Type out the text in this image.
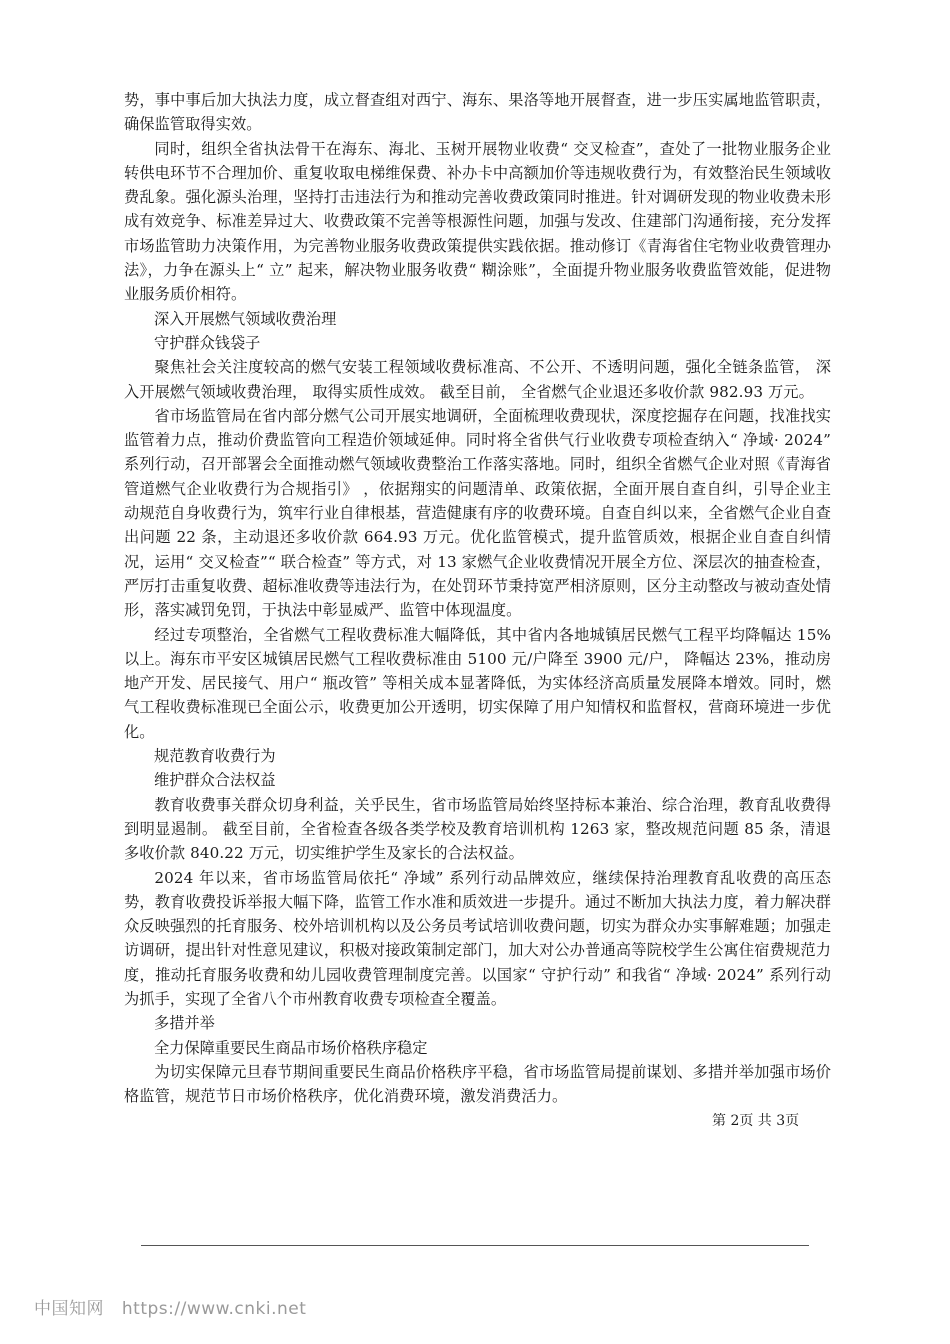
势，事中事后加大执法力度，成立督查组对西宁、海东、果洛等地开展督查，进一步压实属地监管职责，确保监管取得实效。

同时，组织全省执法骨干在海东、海北、玉树开展物业收费“ 交叉检查”，查处了一批物业服务企业转供电环节不合理加价、重复收取电梯维保费、补办卡中高额加价等违规收费行为，有效整治民生领域收费乱象。强化源头治理，坚持打击违法行为和推动完善收费政策同时推进。针对调研发现的物业收费未形成有效竞争、标准差异过大、收费政策不完善等根源性问题，加强与发改、住建部门沟通衔接，充分发挥市场监管助力决策作用，为完善物业服务收费政策提供实践依据。推动修订《青海省住宅物业收费管理办法》，力争在源头上“ 立” 起来，解决物业服务收费“ 糊涂账”，全面提升物业服务收费监管效能，促进物业服务质价相符。

深入开展燃气领域收费治理

守护群众钱袋子

聚焦社会关注度较高的燃气安装工程领域收费标准高、不公开、不透明问题，强化全链条监管， 深入开展燃气领域收费治理， 取得实质性成效。 截至目前， 全省燃气企业退还多收价款 982.93 万元。

省市场监管局在省内部分燃气公司开展实地调研，全面梳理收费现状，深度挖掘存在问题，找准找实监管着力点，推动价费监管向工程造价领域延伸。同时将全省供气行业收费专项检查纳入“ 净域· 2024” 系列行动，召开部署会全面推动燃气领域收费整治工作落实落地。同时，组织全省燃气企业对照《青海省管道燃气企业收费行为合规指引》 ，依据翔实的问题清单、政策依据，全面开展自查自纠，引导企业主动规范自身收费行为，筑牢行业自律根基，营造健康有序的收费环境。自查自纠以来，全省燃气企业自查出问题 22 条，主动退还多收价款 664.93 万元。优化监管模式，提升监管质效，根据企业自查自纠情况，运用“ 交叉检查”“ 联合检查” 等方式，对 13 家燃气企业收费情况开展全方位、深层次的抽查检查，严厉打击重复收费、超标准收费等违法行为，在处罚环节秉持宽严相济原则，区分主动整改与被动查处情形，落实减罚免罚，于执法中彰显威严、监管中体现温度。

经过专项整治，全省燃气工程收费标准大幅降低，其中省内各地城镇居民燃气工程平均降幅达 15%以上。海东市平安区城镇居民燃气工程收费标准由 5100 元/户降至 3900 元/户， 降幅达 23%，推动房地产开发、居民接气、用户“ 瓶改管” 等相关成本显著降低，为实体经济高质量发展降本增效。同时，燃气工程收费标准现已全面公示，收费更加公开透明，切实保障了用户知情权和监督权，营商环境进一步优化。

规范教育收费行为

维护群众合法权益

教育收费事关群众切身利益，关乎民生，省市场监管局始终坚持标本兼治、综合治理，教育乱收费得到明显遏制。 截至目前，全省检查各级各类学校及教育培训机构 1263 家，整改规范问题 85 条，清退多收价款 840.22 万元，切实维护学生及家长的合法权益。

2024 年以来，省市场监管局依托“ 净域” 系列行动品牌效应，继续保持治理教育乱收费的高压态势，教育收费投诉举报大幅下降，监管工作水准和质效进一步提升。通过不断加大执法力度，着力解决群众反映强烈的托育服务、校外培训机构以及公务员考试培训收费问题，切实为群众办实事解难题；加强走访调研，提出针对性意见建议，积极对接政策制定部门，加大对公办普通高等院校学生公寓住宿费规范力度，推动托育服务收费和幼儿园收费管理制度完善。以国家“ 守护行动” 和我省“ 净域· 2024” 系列行动为抓手，实现了全省八个市州教育收费专项检查全覆盖。

多措并举

全力保障重要民生商品市场价格秩序稳定

为切实保障元旦春节期间重要民生商品价格秩序平稳，省市场监管局提前谋划、多措并举加强市场价格监管，规范节日市场价格秩序，优化消费环境，激发消费活力。

第 2页 共 3页
中国知网 https://www.cnki.net
